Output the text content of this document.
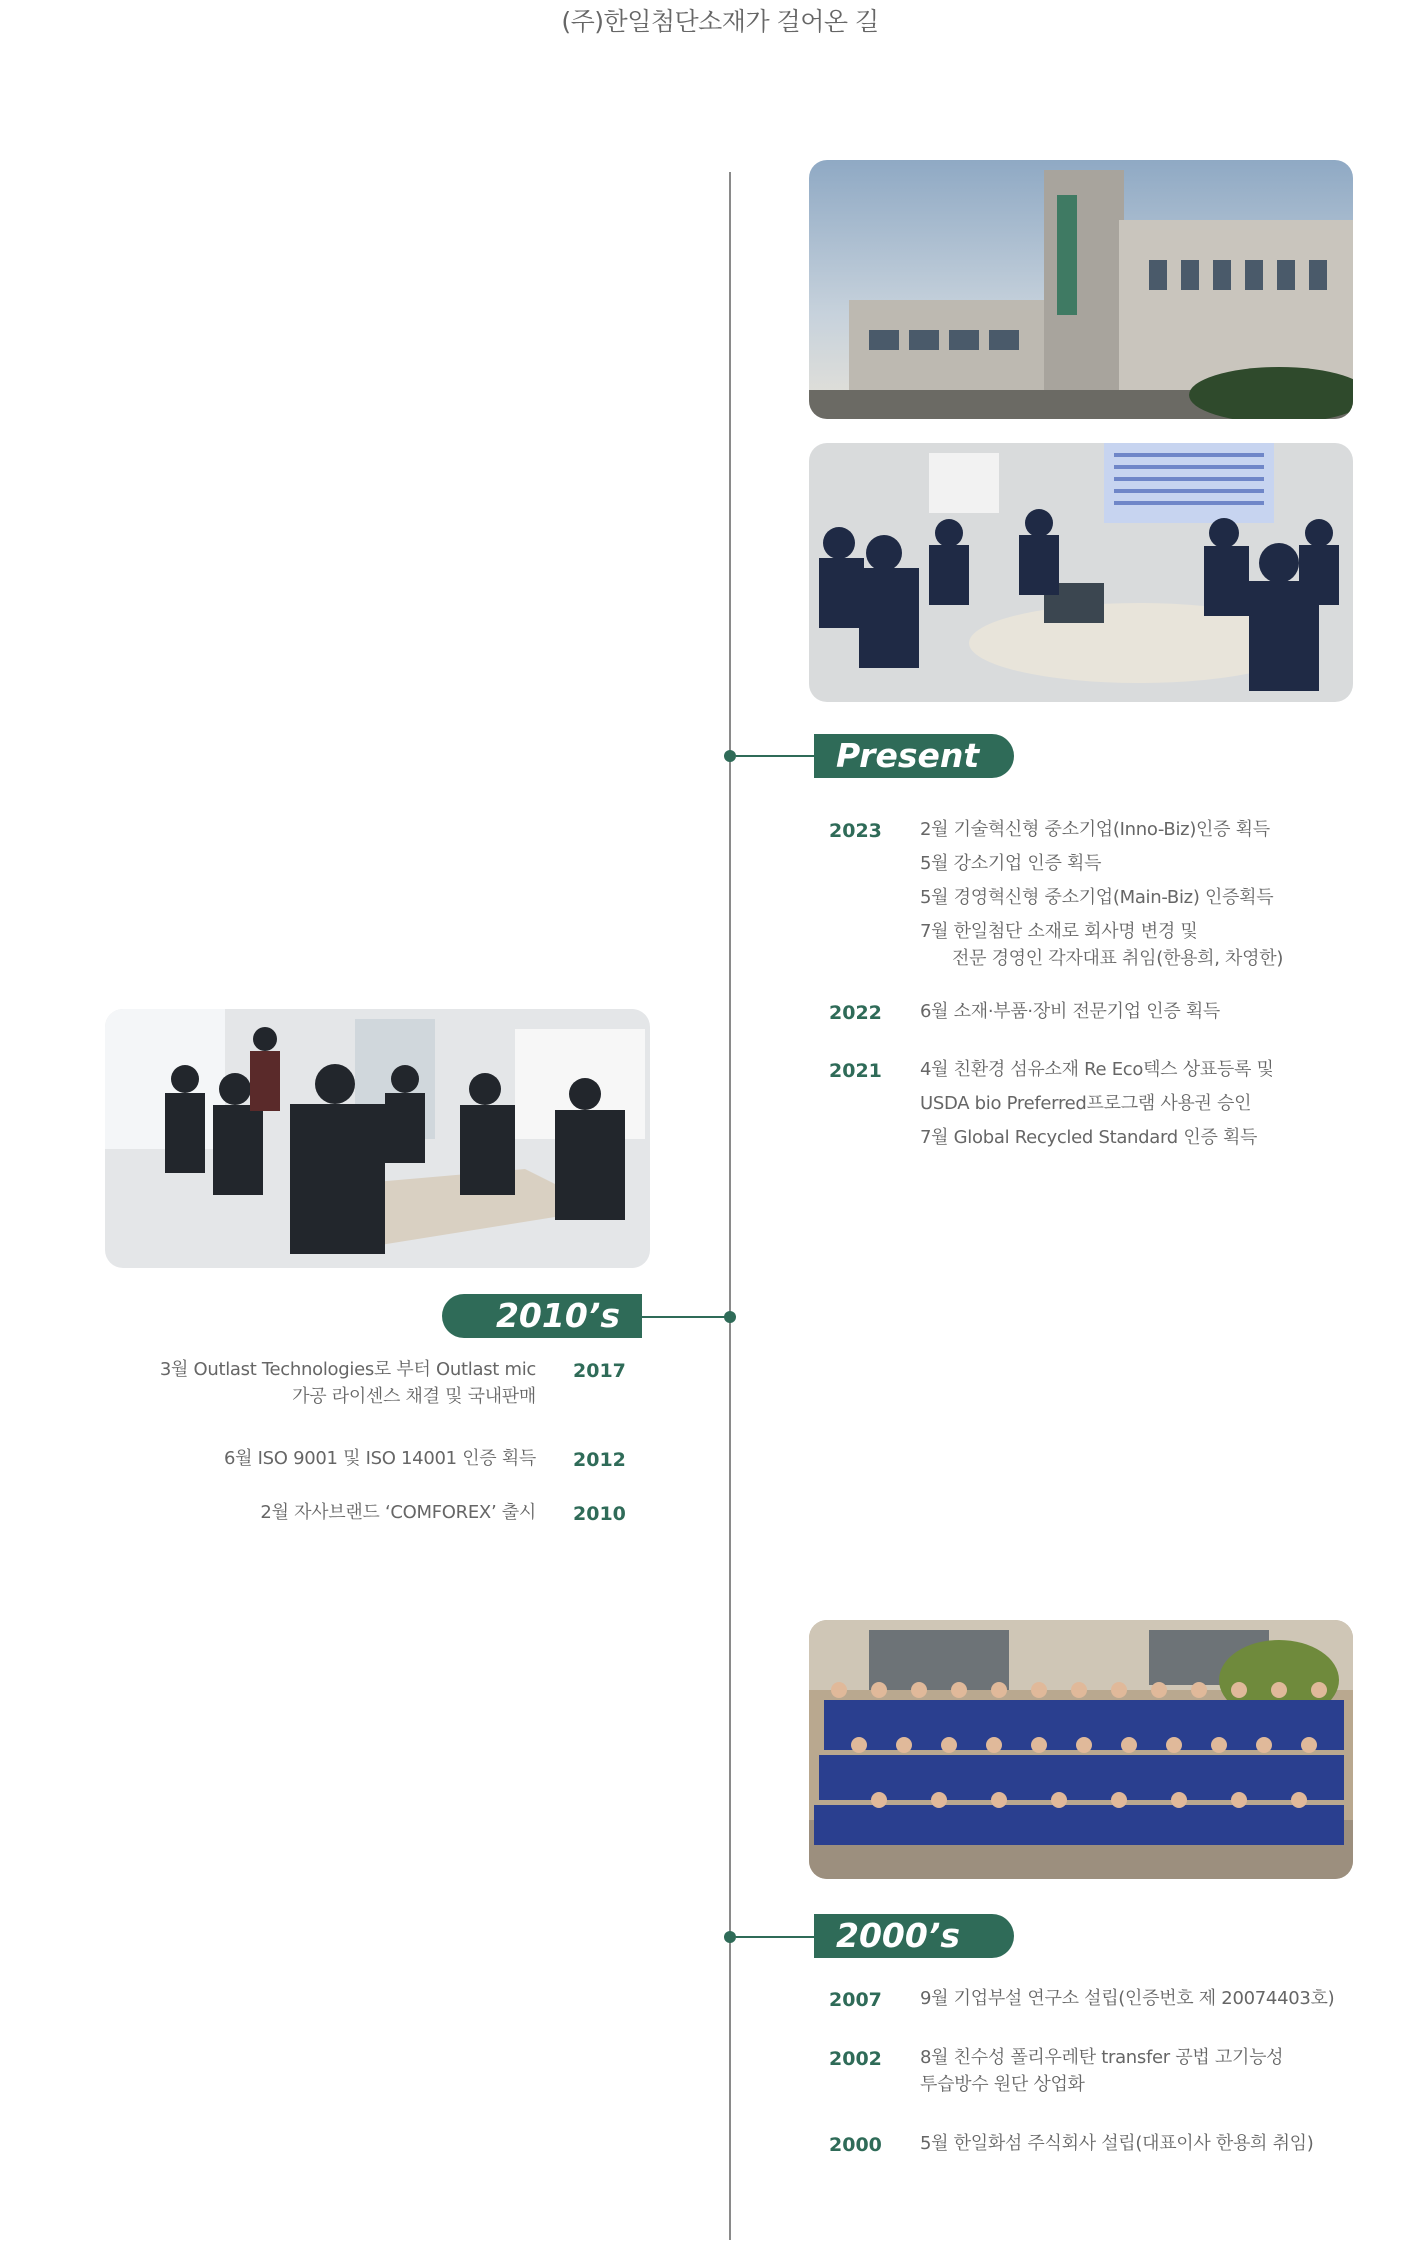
(주)한일첨단소재가 걸어온 길
Present
2023 2월 기술혁신형 중소기업(Inno-Biz)인증 획득
5월 강소기업 인증 획득
5월 경영혁신형 중소기업(Main-Biz) 인증획득
7월 한일첨단 소재로 회사명 변경 및
전문 경영인 각자대표 취임(한용희, 차영한)
2022 6월 소재·부품·장비 전문기업 인증 획득
2021 4월 친환경 섬유소재 Re Eco텍스 상표등록 및
USDA bio Preferred프로그램 사용권 승인
7월 Global Recycled Standard 인증 획득
2010’s
3월 Outlast Technologies로 부터 Outlast mic
가공 라이센스 채결 및 국내판매
2017
6월 ISO 9001 및 ISO 14001 인증 획득 2012
2월 자사브랜드 ‘COMFOREX’ 출시 2010
2000’s
2007 9월 기업부설 연구소 설립(인증번호 제 20074403호)
2002 8월 친수성 폴리우레탄 transfer 공법 고기능성
투습방수 원단 상업화
2000 5월 한일화섬 주식회사 설립(대표이사 한용희 취임)
